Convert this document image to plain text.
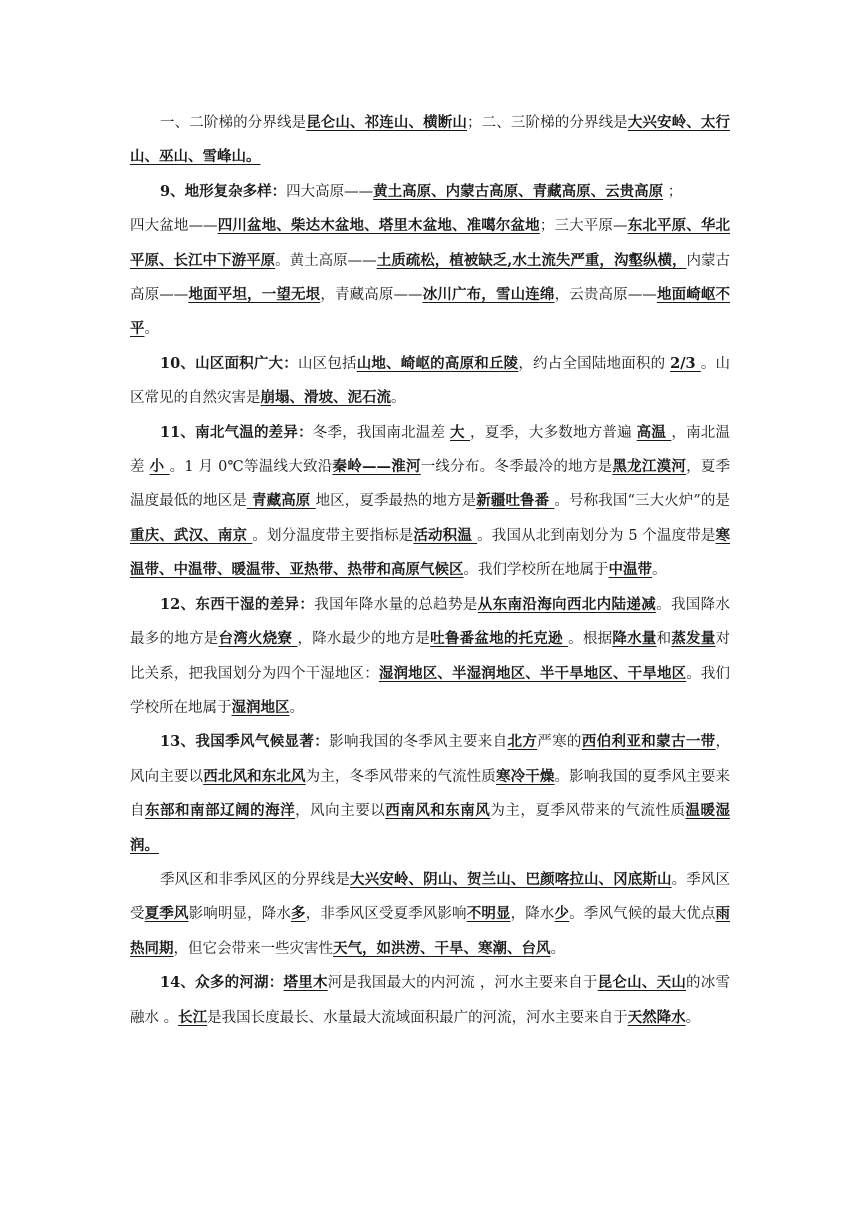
一、二阶梯的分界线是昆仑山、祁连山、横断山；二、三阶梯的分界线是大兴安岭、太行山、巫山、雪峰山。

9、地形复杂多样：四大高原——黄土高原、内蒙古高原、青藏高原、云贵高原 ；

四大盆地——四川盆地、柴达木盆地、塔里木盆地、准噶尔盆地；三大平原—东北平原、华北平原、长江中下游平原。黄土高原——土质疏松，植被缺乏,水土流失严重，沟壑纵横，内蒙古高原——地面平坦，一望无垠，青藏高原——冰川广布，雪山连绵，云贵高原——地面崎岖不平。

10、山区面积广大：山区包括山地、崎岖的高原和丘陵，约占全国陆地面积的 2/3 。山区常见的自然灾害是崩塌、滑坡、泥石流。

11、南北气温的差异：冬季，我国南北温差 大 ，夏季，大多数地方普遍 高温 ，南北温差 小 。1 月 0℃等温线大致沿秦岭——淮河一线分布。冬季最冷的地方是黑龙江漠河，夏季温度最低的地区是 青藏高原 地区，夏季最热的地方是新疆吐鲁番 。号称我国“三大火炉”的是重庆、武汉、南京 。划分温度带主要指标是活动积温 。我国从北到南划分为 5 个温度带是寒温带、中温带、暖温带、亚热带、热带和高原气候区。我们学校所在地属于中温带。

12、东西干湿的差异：我国年降水量的总趋势是从东南沿海向西北内陆递减。我国降水最多的地方是台湾火烧寮 ，降水最少的地方是吐鲁番盆地的托克逊 。根据降水量和蒸发量对比关系，把我国划分为四个干湿地区：湿润地区、半湿润地区、半干旱地区、干旱地区。我们学校所在地属于湿润地区。

13、我国季风气候显著：影响我国的冬季风主要来自北方严寒的西伯利亚和蒙古一带，风向主要以西北风和东北风为主，冬季风带来的气流性质寒冷干燥。影响我国的夏季风主要来自东部和南部辽阔的海洋，风向主要以西南风和东南风为主，夏季风带来的气流性质温暖湿润。

季风区和非季风区的分界线是大兴安岭、阴山、贺兰山、巴颜喀拉山、冈底斯山。季风区受夏季风影响明显，降水多，非季风区受夏季风影响不明显，降水少。季风气候的最大优点雨热同期，但它会带来一些灾害性天气，如洪涝、干旱、寒潮、台风。

14、众多的河湖：塔里木河是我国最大的内河流 ，河水主要来自于昆仑山、天山的冰雪融水 。长江是我国长度最长、水量最大流域面积最广的河流，河水主要来自于天然降水。
